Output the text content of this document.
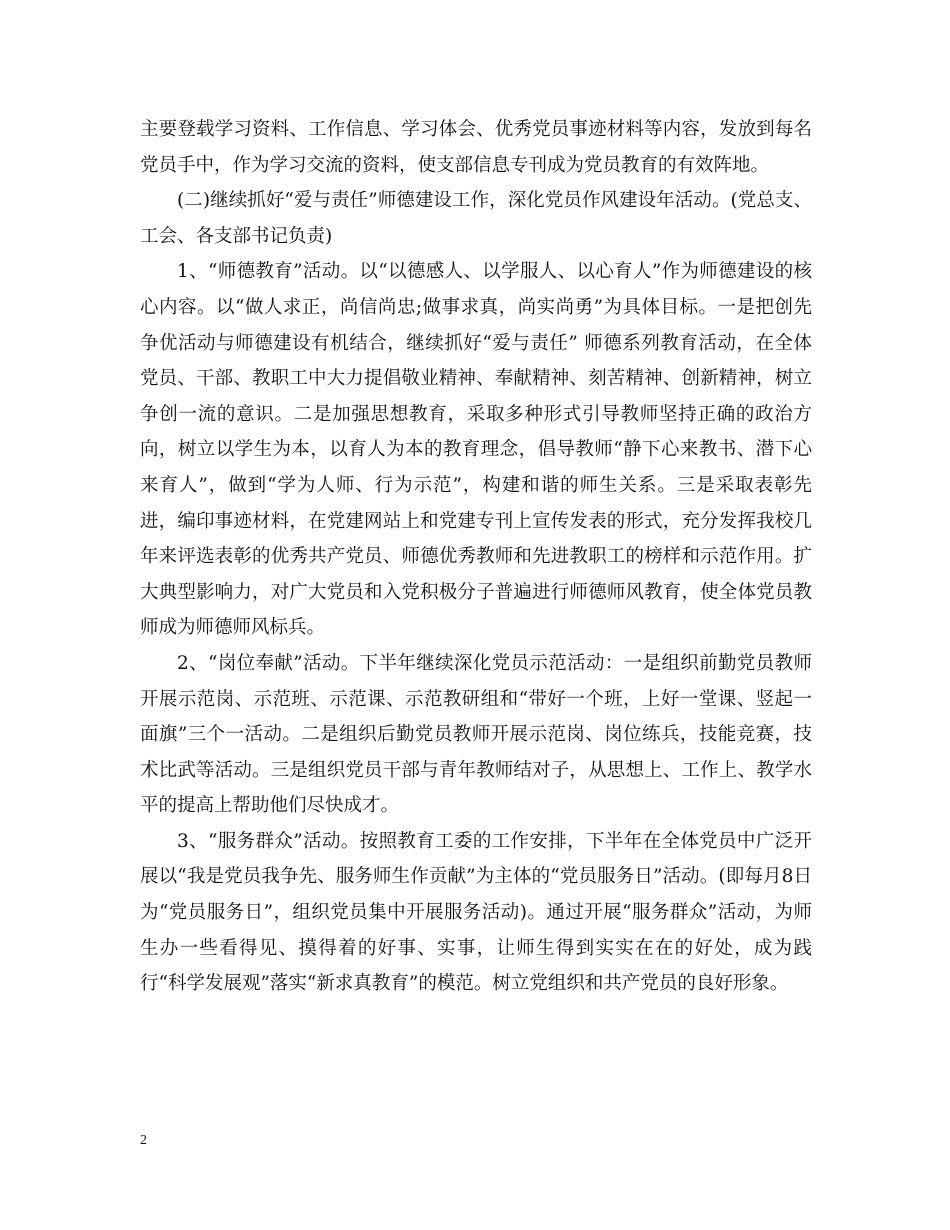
主要登载学习资料、工作信息、学习体会、优秀党员事迹材料等内容，发放到每名党员手中，作为学习交流的资料，使支部信息专刊成为党员教育的有效阵地。

(二)继续抓好“爱与责任”师德建设工作，深化党员作风建设年活动。(党总支、工会、各支部书记负责)

1、“师德教育”活动。以“以德感人、以学服人、以心育人”作为师德建设的核心内容。以“做人求正，尚信尚忠;做事求真，尚实尚勇”为具体目标。一是把创先争优活动与师德建设有机结合，继续抓好“爱与责任” 师德系列教育活动，在全体党员、干部、教职工中大力提倡敬业精神、奉献精神、刻苦精神、创新精神，树立争创一流的意识。二是加强思想教育，采取多种形式引导教师坚持正确的政治方向，树立以学生为本，以育人为本的教育理念，倡导教师“静下心来教书、潜下心来育人”，做到“学为人师、行为示范”，构建和谐的师生关系。三是采取表彰先进，编印事迹材料，在党建网站上和党建专刊上宣传发表的形式，充分发挥我校几年来评选表彰的优秀共产党员、师德优秀教师和先进教职工的榜样和示范作用。扩大典型影响力，对广大党员和入党积极分子普遍进行师德师风教育，使全体党员教师成为师德师风标兵。

2、“岗位奉献”活动。下半年继续深化党员示范活动：一是组织前勤党员教师开展示范岗、示范班、示范课、示范教研组和“带好一个班，上好一堂课、竖起一面旗”三个一活动。二是组织后勤党员教师开展示范岗、岗位练兵，技能竞赛，技术比武等活动。三是组织党员干部与青年教师结对子，从思想上、工作上、教学水平的提高上帮助他们尽快成才。

3、“服务群众”活动。按照教育工委的工作安排，下半年在全体党员中广泛开展以“我是党员我争先、服务师生作贡献”为主体的“党员服务日”活动。(即每月8日为“党员服务日”，组织党员集中开展服务活动)。通过开展“服务群众”活动，为师生办一些看得见、摸得着的好事、实事，让师生得到实实在在的好处，成为践行“科学发展观”落实“新求真教育”的模范。树立党组织和共产党员的良好形象。

2
